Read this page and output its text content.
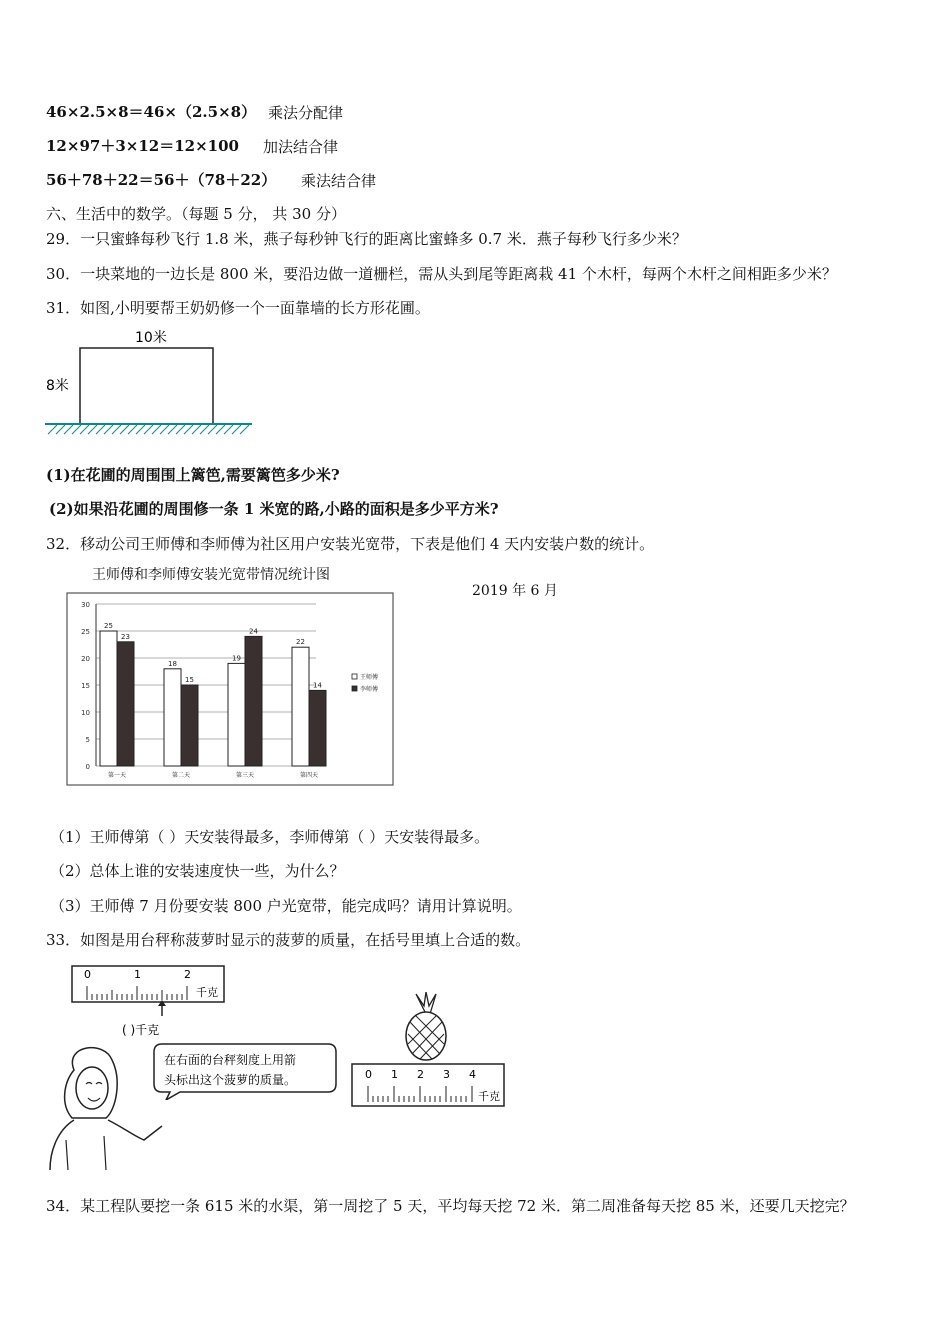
46×2.5×8＝46×（2.5×8） 乘法分配律
12×97＋3×12＝12×100 加法结合律
56＋78＋22＝56＋（78＋22） 乘法结合律
六、生活中的数学。（每题 5 分， 共 30 分）
29．一只蜜蜂每秒飞行 1.8 米，燕子每秒钟飞行的距离比蜜蜂多 0.7 米．燕子每秒飞行多少米？
30．一块菜地的一边长是 800 米，要沿边做一道栅栏，需从头到尾等距离栽 41 个木杆，每两个木杆之间相距多少米？
31．如图,小明要帮王奶奶修一个一面靠墙的长方形花圃。
10米
8米
(1)在花圃的周围围上篱笆,需要篱笆多少米?
(2)如果沿花圃的周围修一条 1 米宽的路,小路的面积是多少平方米?
32．移动公司王师傅和李师傅为社区用户安装光宽带，下表是他们 4 天内安装户数的统计。
王师傅和李师傅安装光宽带情况统计图
2019 年 6 月
0
5
10
15
20
25
30
25
23
第一天
18
15
第二天
19
24
第三天
22
14
第四天
王师傅
李师傅
（1）王师傅第（ ）天安装得最多，李师傅第（ ）天安装得最多。
（2）总体上谁的安装速度快一些，为什么？
（3）王师傅 7 月份要安装 800 户光宽带，能完成吗？请用计算说明。
33．如图是用台秤称菠萝时显示的菠萝的质量，在括号里填上合适的数。
0	1	2
千克
( )千克
在右面的台秤刻度上用箭
头标出这个菠萝的质量。	0 1 2 3 4
千克
34．某工程队要挖一条 615 米的水渠，第一周挖了 5 天，平均每天挖 72 米．第二周准备每天挖 85 米，还要几天挖完？
